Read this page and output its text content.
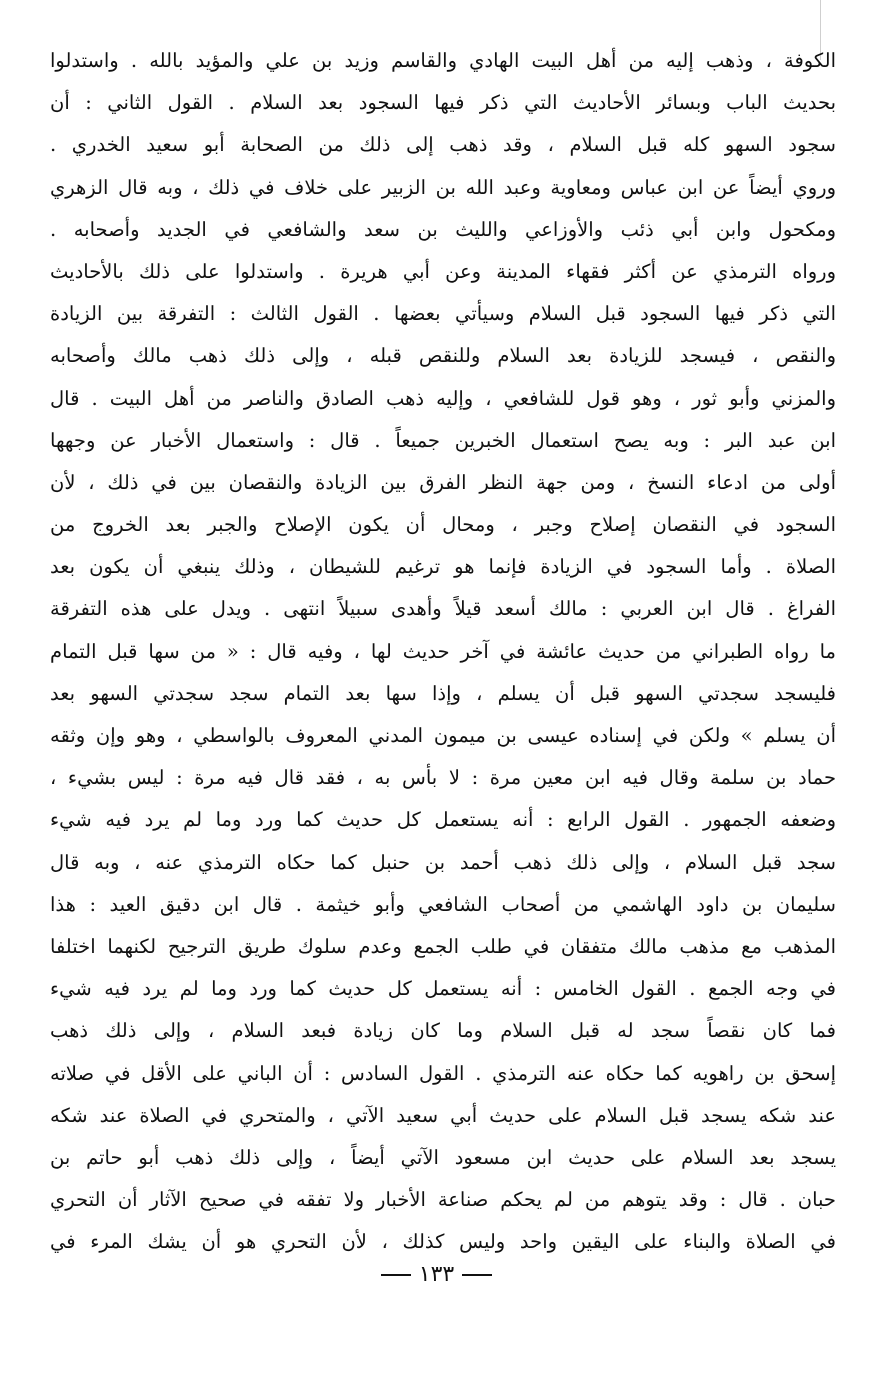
الكوفة ، وذهب إليه من أهل البيت الهادي والقاسم وزيد بن علي والمؤيد بالله . واستدلوا
بحديث الباب وبسائر الأحاديث التي ذكر فيها السجود بعد السلام . القول الثاني : أن
سجود السهو كله قبل السلام ، وقد ذهب إلى ذلك من الصحابة أبو سعيد الخدري .
وروي أيضاً عن ابن عباس ومعاوية وعبد الله بن الزبير على خلاف في ذلك ، وبه قال الزهري
ومكحول وابن أبي ذئب والأوزاعي والليث بن سعد والشافعي في الجديد وأصحابه .
ورواه الترمذي عن أكثر فقهاء المدينة وعن أبي هريرة . واستدلوا على ذلك بالأحاديث
التي ذكر فيها السجود قبل السلام وسيأتي بعضها . القول الثالث : التفرقة بين الزيادة
والنقص ، فيسجد للزيادة بعد السلام وللنقص قبله ، وإلى ذلك ذهب مالك وأصحابه
والمزني وأبو ثور ، وهو قول للشافعي ، وإليه ذهب الصادق والناصر من أهل البيت . قال
ابن عبد البر : وبه يصح استعمال الخبرين جميعاً . قال : واستعمال الأخبار عن وجهها
أولى من ادعاء النسخ ، ومن جهة النظر الفرق بين الزيادة والنقصان بين في ذلك ، لأن
السجود في النقصان إصلاح وجبر ، ومحال أن يكون الإصلاح والجبر بعد الخروج من
الصلاة . وأما السجود في الزيادة فإنما هو ترغيم للشيطان ، وذلك ينبغي أن يكون بعد
الفراغ . قال ابن العربي : مالك أسعد قيلاً وأهدى سبيلاً انتهى . ويدل على هذه التفرقة
ما رواه الطبراني من حديث عائشة في آخر حديث لها ، وفيه قال : « من سها قبل التمام
فليسجد سجدتي السهو قبل أن يسلم ، وإذا سها بعد التمام سجد سجدتي السهو بعد
أن يسلم » ولكن في إسناده عيسى بن ميمون المدني المعروف بالواسطي ، وهو وإن وثقه
حماد بن سلمة وقال فيه ابن معين مرة : لا بأس به ، فقد قال فيه مرة : ليس بشيء ،
وضعفه الجمهور . القول الرابع : أنه يستعمل كل حديث كما ورد وما لم يرد فيه شيء
سجد قبل السلام ، وإلى ذلك ذهب أحمد بن حنبل كما حكاه الترمذي عنه ، وبه قال
سليمان بن داود الهاشمي من أصحاب الشافعي وأبو خيثمة . قال ابن دقيق العيد : هذا
المذهب مع مذهب مالك متفقان في طلب الجمع وعدم سلوك طريق الترجيح لكنهما اختلفا
في وجه الجمع . القول الخامس : أنه يستعمل كل حديث كما ورد وما لم يرد فيه شيء
فما كان نقصاً سجد له قبل السلام وما كان زيادة فبعد السلام ، وإلى ذلك ذهب
إسحق بن راهويه كما حكاه عنه الترمذي . القول السادس : أن الباني على الأقل في صلاته
عند شكه يسجد قبل السلام على حديث أبي سعيد الآتي ، والمتحري في الصلاة عند شكه
يسجد بعد السلام على حديث ابن مسعود الآتي أيضاً ، وإلى ذلك ذهب أبو حاتم بن
حبان . قال : وقد يتوهم من لم يحكم صناعة الأخبار ولا تفقه في صحيح الآثار أن التحري
في الصلاة والبناء على اليقين واحد وليس كذلك ، لأن التحري هو أن يشك المرء في
١٣٣
